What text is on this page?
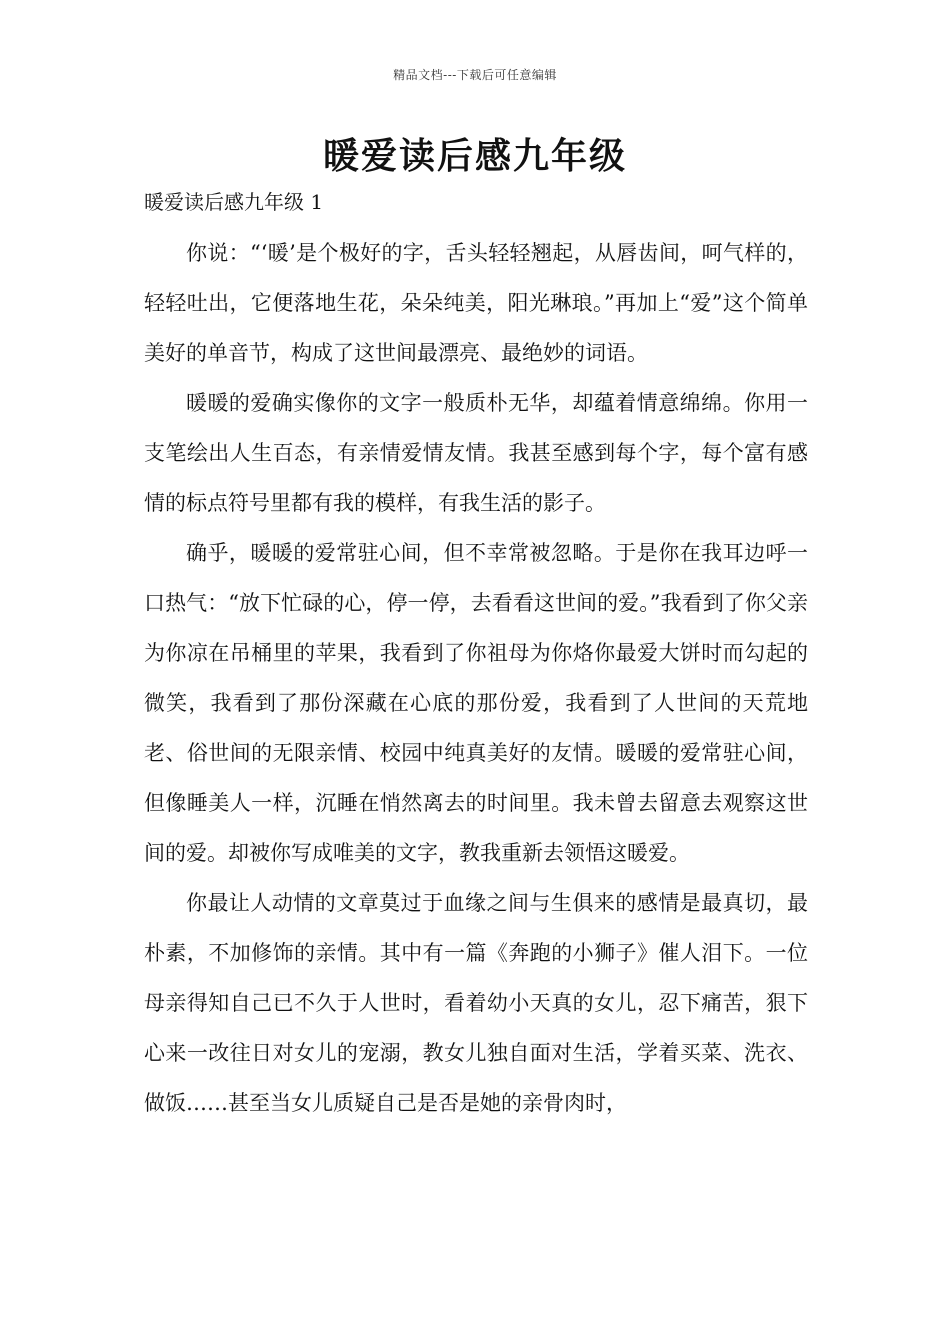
精品文档---下载后可任意编辑
暖爱读后感九年级
暖爱读后感九年级 1

你说：“‘暖’是个极好的字，舌头轻轻翘起，从唇齿间，呵气样的，轻轻吐出，它便落地生花，朵朵纯美，阳光琳琅。”再加上“爱”这个简单美好的单音节，构成了这世间最漂亮、最绝妙的词语。

暖暖的爱确实像你的文字一般质朴无华，却蕴着情意绵绵。你用一支笔绘出人生百态，有亲情爱情友情。我甚至感到每个字，每个富有感情的标点符号里都有我的模样，有我生活的影子。

确乎，暖暖的爱常驻心间，但不幸常被忽略。于是你在我耳边呼一口热气：“放下忙碌的心，停一停，去看看这世间的爱。”我看到了你父亲为你凉在吊桶里的苹果，我看到了你祖母为你烙你最爱大饼时而勾起的微笑，我看到了那份深藏在心底的那份爱，我看到了人世间的天荒地老、俗世间的无限亲情、校园中纯真美好的友情。暖暖的爱常驻心间，但像睡美人一样，沉睡在悄然离去的时间里。我未曾去留意去观察这世间的爱。却被你写成唯美的文字，教我重新去领悟这暖爱。

你最让人动情的文章莫过于血缘之间与生俱来的感情是最真切，最朴素，不加修饰的亲情。其中有一篇《奔跑的小狮子》催人泪下。一位母亲得知自己已不久于人世时，看着幼小天真的女儿，忍下痛苦，狠下心来一改往日对女儿的宠溺，教女儿独自面对生活，学着买菜、洗衣、做饭……甚至当女儿质疑自己是否是她的亲骨肉时，
